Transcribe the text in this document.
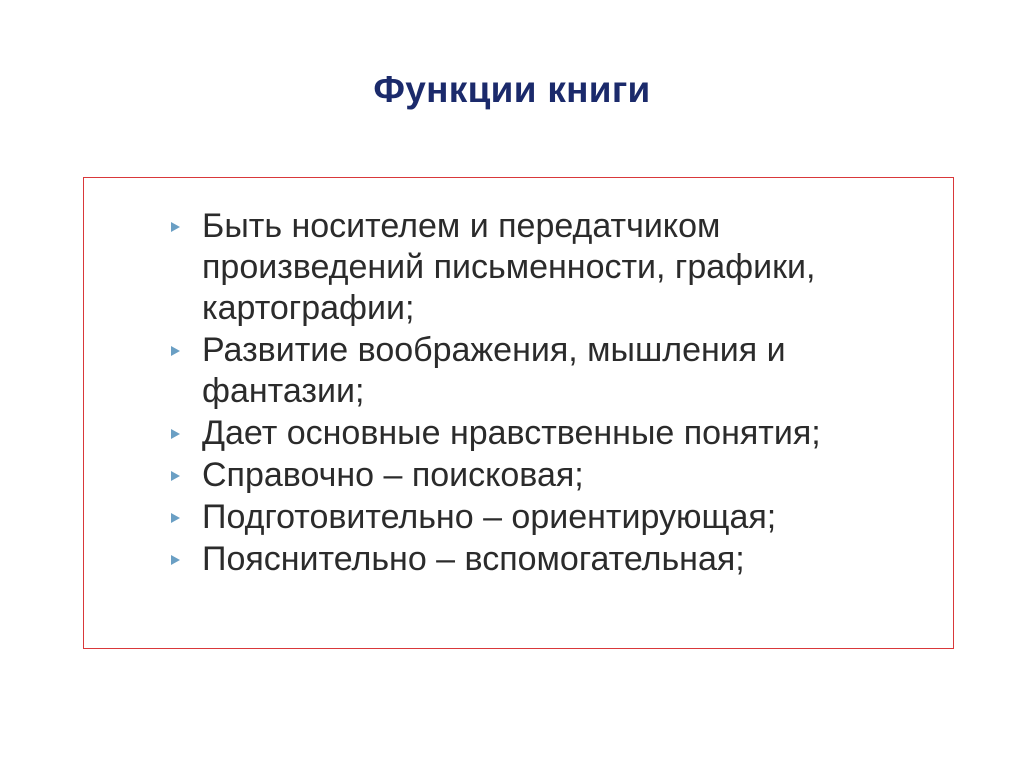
Функции книги
Быть носителем и передатчиком произведений письменности, графики, картографии;
Развитие воображения, мышления и фантазии;
Дает основные нравственные понятия;
Справочно – поисковая;
Подготовительно – ориентирующая;
Пояснительно – вспомогательная;
